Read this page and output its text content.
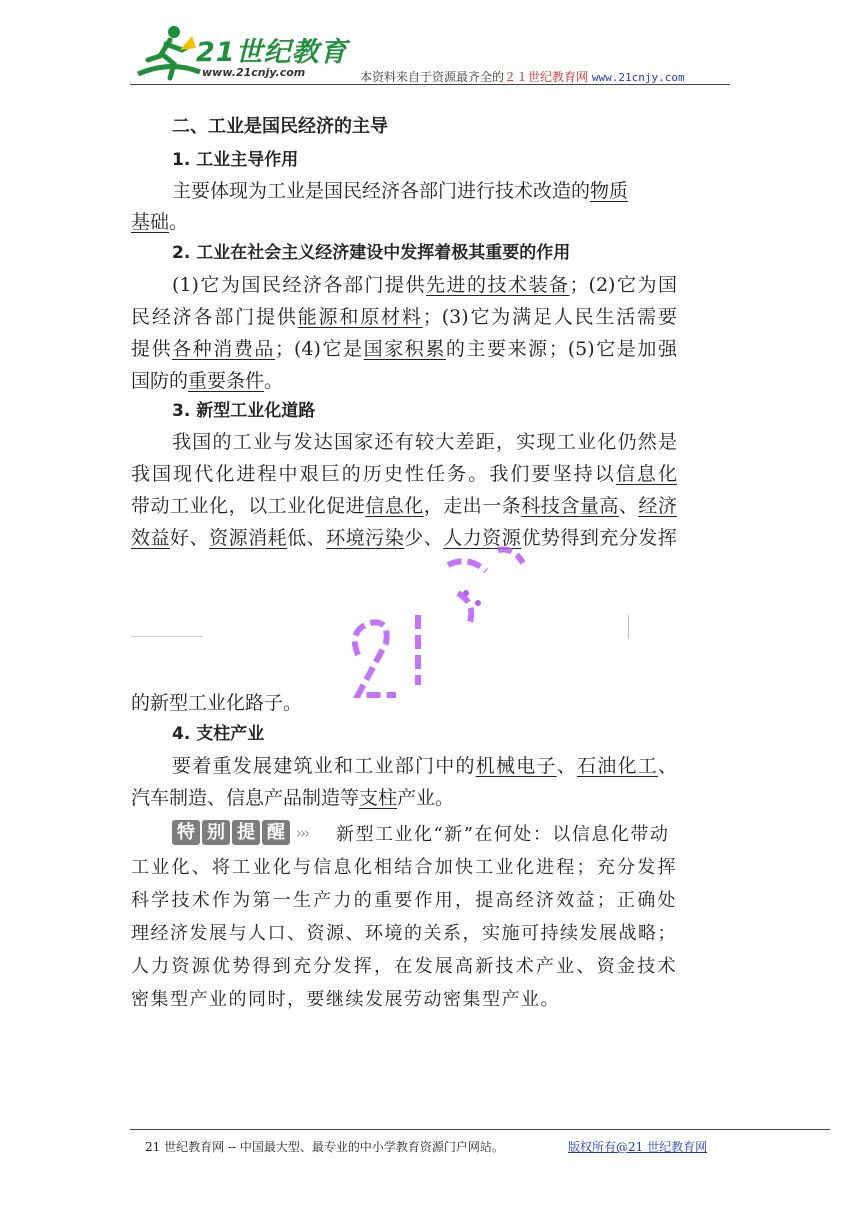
21世纪教育
www.21cnjy.com	本资料来自于资源最齐全的２１世纪教育网 www.21cnjy.com
二、工业是国民经济的主导
1. 工业主导作用
主要体现为工业是国民经济各部门进行技术改造的物质
基础。
2. 工业在社会主义经济建设中发挥着极其重要的作用
(1)它为国民经济各部门提供先进的技术装备；(2)它为国
民经济各部门提供能源和原材料；(3)它为满足人民生活需要
提供各种消费品；(4)它是国家积累的主要来源；(5)它是加强
国防的重要条件。
3. 新型工业化道路
我国的工业与发达国家还有较大差距，实现工业化仍然是
我国现代化进程中艰巨的历史性任务。我们要坚持以信息化
带动工业化，以工业化促进信息化，走出一条科技含量高、经济
效益好、资源消耗低、环境污染少、人力资源优势得到充分发挥
的新型工业化路子。
4. 支柱产业
要着重发展建筑业和工业部门中的机械电子、石油化工、
汽车制造、信息产品制造等支柱产业。
特 别 提 醒 ››› 新型工业化“新”在何处：以信息化带动
工业化、将工业化与信息化相结合加快工业化进程；充分发挥
科学技术作为第一生产力的重要作用，提高经济效益；正确处
理经济发展与人口、资源、环境的关系，实施可持续发展战略；
人力资源优势得到充分发挥，在发展高新技术产业、资金技术
密集型产业的同时，要继续发展劳动密集型产业。
21 世纪教育网 -- 中国最大型、最专业的中小学教育资源门户网站。	版权所有@21 世纪教育网
